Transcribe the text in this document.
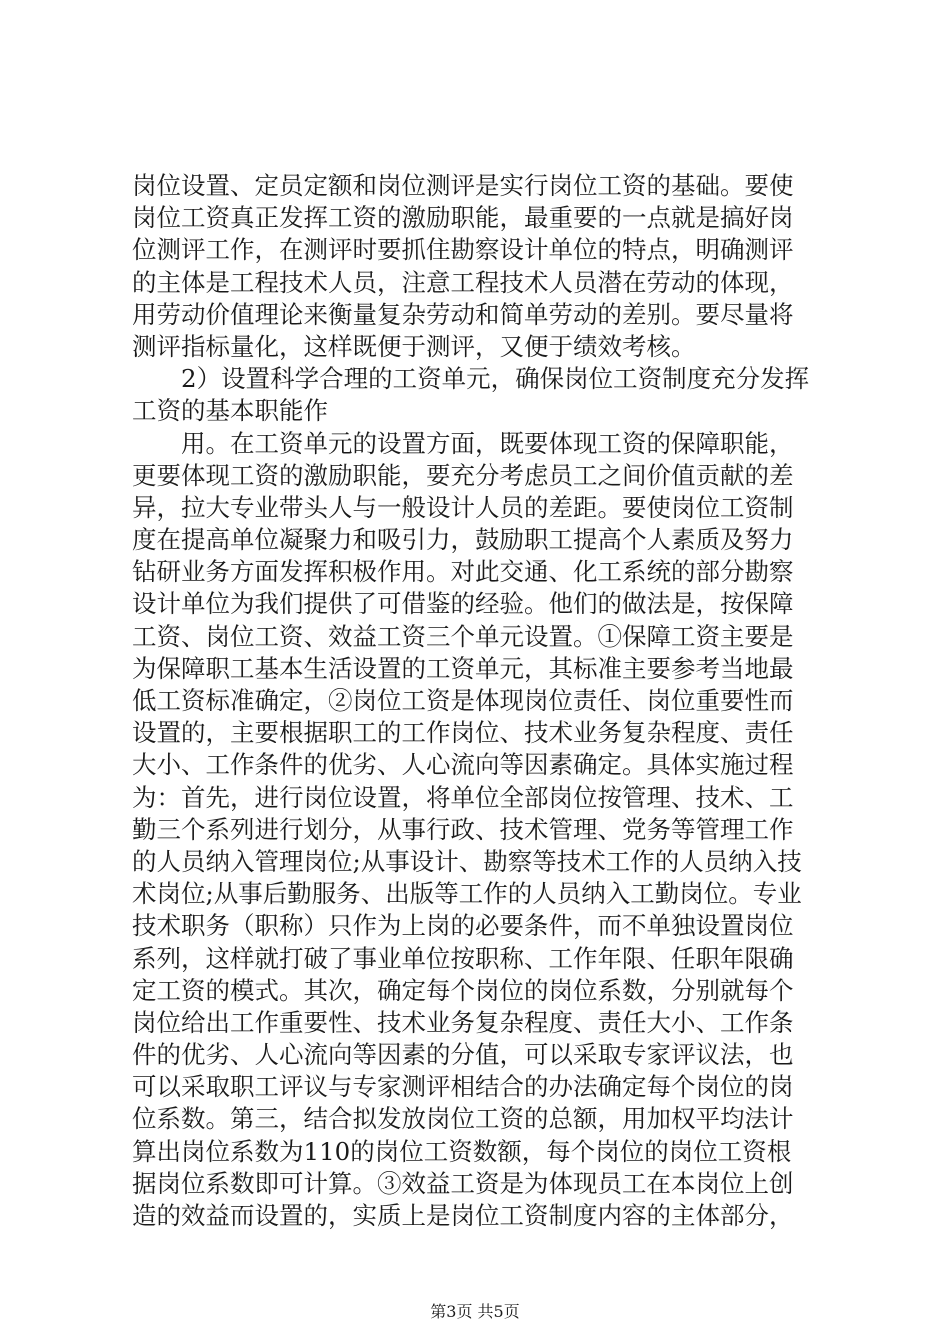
岗位设置、定员定额和岗位测评是实行岗位工资的基础。要使
岗位工资真正发挥工资的激励职能，最重要的一点就是搞好岗
位测评工作，在测评时要抓住勘察设计单位的特点，明确测评
的主体是工程技术人员，注意工程技术人员潜在劳动的体现，
用劳动价值理论来衡量复杂劳动和简单劳动的差别。要尽量将
测评指标量化，这样既便于测评，又便于绩效考核。
2）设置科学合理的工资单元，确保岗位工资制度充分发挥
工资的基本职能作
用。在工资单元的设置方面，既要体现工资的保障职能，
更要体现工资的激励职能，要充分考虑员工之间价值贡献的差
异，拉大专业带头人与一般设计人员的差距。要使岗位工资制
度在提高单位凝聚力和吸引力，鼓励职工提高个人素质及努力
钻研业务方面发挥积极作用。对此交通、化工系统的部分勘察
设计单位为我们提供了可借鉴的经验。他们的做法是，按保障
工资、岗位工资、效益工资三个单元设置。①保障工资主要是
为保障职工基本生活设置的工资单元，其标准主要参考当地最
低工资标准确定，②岗位工资是体现岗位责任、岗位重要性而
设置的，主要根据职工的工作岗位、技术业务复杂程度、责任
大小、工作条件的优劣、人心流向等因素确定。具体实施过程
为：首先，进行岗位设置，将单位全部岗位按管理、技术、工
勤三个系列进行划分，从事行政、技术管理、党务等管理工作
的人员纳入管理岗位;从事设计、勘察等技术工作的人员纳入技
术岗位;从事后勤服务、出版等工作的人员纳入工勤岗位。专业
技术职务（职称）只作为上岗的必要条件，而不单独设置岗位
系列，这样就打破了事业单位按职称、工作年限、任职年限确
定工资的模式。其次，确定每个岗位的岗位系数，分别就每个
岗位给出工作重要性、技术业务复杂程度、责任大小、工作条
件的优劣、人心流向等因素的分值，可以采取专家评议法，也
可以采取职工评议与专家测评相结合的办法确定每个岗位的岗
位系数。第三，结合拟发放岗位工资的总额，用加权平均法计
算出岗位系数为110的岗位工资数额，每个岗位的岗位工资根
据岗位系数即可计算。③效益工资是为体现员工在本岗位上创
造的效益而设置的，实质上是岗位工资制度内容的主体部分，
第3页 共5页
